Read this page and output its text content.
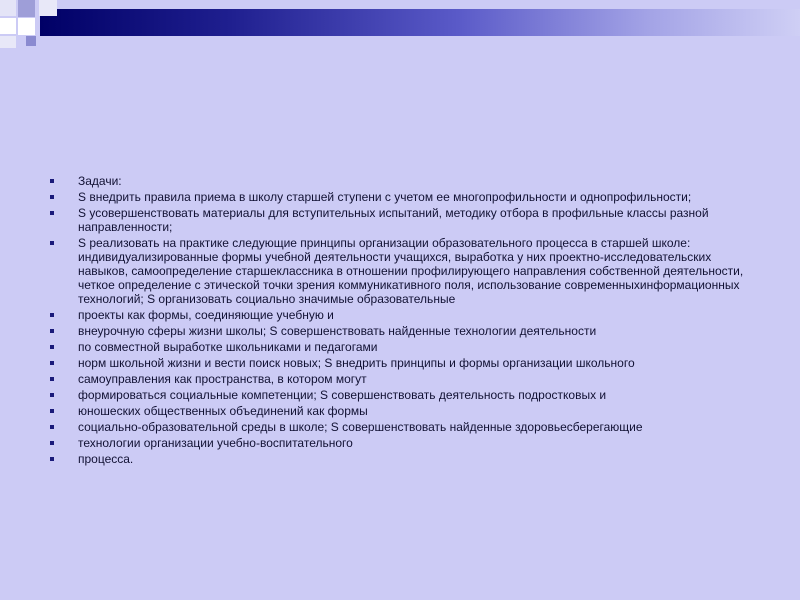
Задачи:
S внедрить правила приема в школу старшей ступени с учетом ее многопрофильности и однопрофильности;
S усовершенствовать материалы для вступительных испытаний, методику отбора в профильные классы разной направленности;
S реализовать на практике следующие принципы организации образовательного процесса в старшей школе: индивидуализированные формы учебной деятельности учащихся, выработка у них проектно-исследовательских навыков, самоопределение старшеклассника в отношении профилирующего направления собственной деятельности, четкое определение с этической точки зрения коммуникативного поля, использование современныхинформационных технологий; S организовать социально значимые образовательные
проекты как формы, соединяющие учебную и
внеурочную сферы жизни школы; S совершенствовать найденные технологии деятельности
по совместной выработке школьниками и педагогами
норм школьной жизни и вести поиск новых; S внедрить принципы и формы организации школьного
самоуправления как пространства, в котором могут
формироваться социальные компетенции; S совершенствовать деятельность подростковых и
юношеских общественных объединений как формы
социально-образовательной среды в школе; S совершенствовать найденные здоровьесберегающие
технологии организации учебно-воспитательного
процесса.
